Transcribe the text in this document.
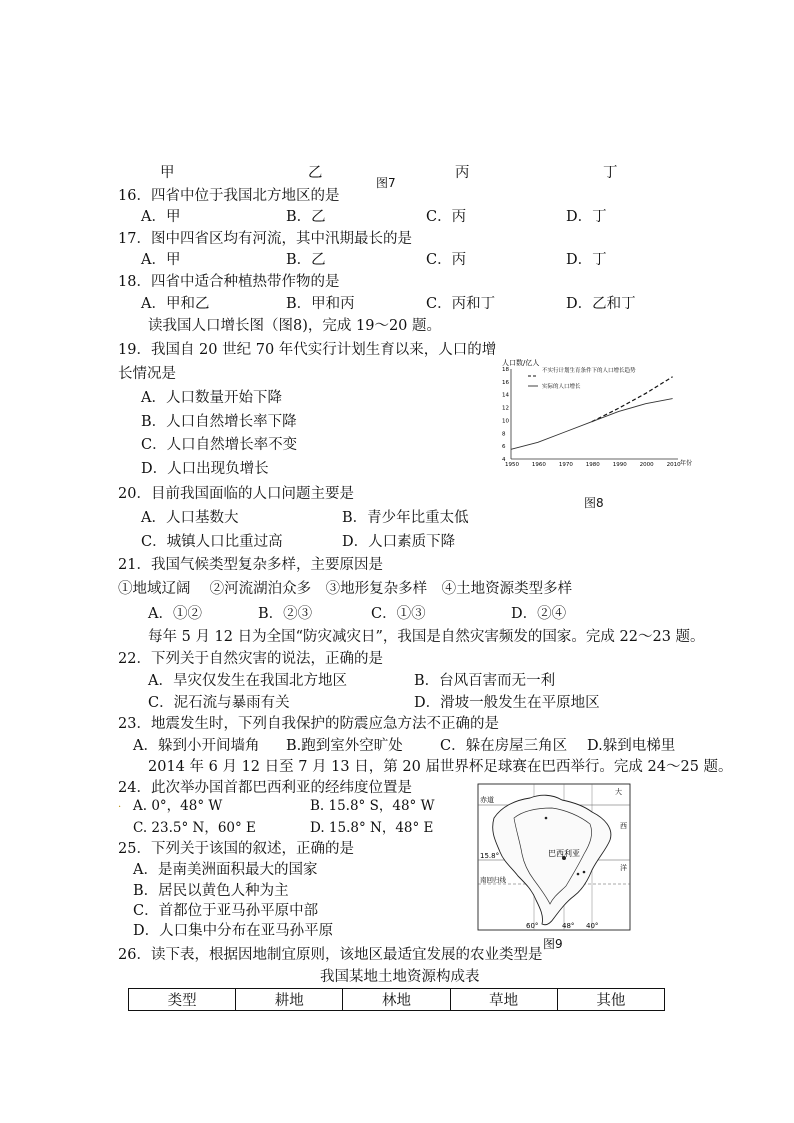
甲	乙
图7
丙	丁
16．四省中位于我国北方地区的是
A．甲	B．乙	C．丙	D．丁
17．图中四省区均有河流，其中汛期最长的是
A．甲	B．乙	C．丙	D．丁
18．四省中适合种植热带作物的是
A．甲和乙	B．甲和丙	C．丙和丁	D．乙和丁
读我国人口增长图（图8)，完成 19～20 题。
19．我国自 20 世纪 70 年代实行计划生育以来，人口的增
长情况是
A．人口数量开始下降
B．人口自然增长率下降
C．人口自然增长率不变
D．人口出现负增长
人口数/亿人
4
6
8
10
12
14
16
18
1950 1960 1970 1980 1990 2000 2010
不实行计划生育条件下的人口增长趋势
实际的人口增长
年份
图8
20．目前我国面临的人口问题主要是
A．人口基数大	B．青少年比重太低
C．城镇人口比重过高	D．人口素质下降
21．我国气候类型复杂多样，主要原因是
①地域辽阔　 ②河流湖泊众多　③地形复杂多样　④土地资源类型多样
A．①②	B．②③	C．①③	D．②④
每年 5 月 12 日为全国“防灾减灾日”，我国是自然灾害频发的国家。完成 22～23 题。
22．下列关于自然灾害的说法，正确的是
A．旱灾仅发生在我国北方地区	B．台风百害而无一利
C．泥石流与暴雨有关	D．滑坡一般发生在平原地区
23．地震发生时，下列自我保护的防震应急方法不正确的是
A．躲到小开间墙角 B.跑到室外空旷处	C．躲在房屋三角区 D.躲到电梯里
2014 年 6 月 12 日至 7 月 13 日，第 20 届世界杯足球赛在巴西举行。完成 24～25 题。
24．此次举办国首都巴西利亚的经纬度位置是
. A. 0°，48° W	B. 15.8° S，48° W
C. 23.5° N，60° E	D. 15.8° N，48° E
25．下列关于该国的叙述，正确的是
A．是南美洲面积最大的国家
B．居民以黄色人种为主
C．首都位于亚马孙平原中部
D．人口集中分布在亚马孙平原
赤道
巴西利亚
15.8°
南回归线
大
西
洋
60°	48° 40°
图9
26．读下表，根据因地制宜原则，该地区最适宜发展的农业类型是
我国某地土地资源构成表
类型	耕地	林地	草地	其他
